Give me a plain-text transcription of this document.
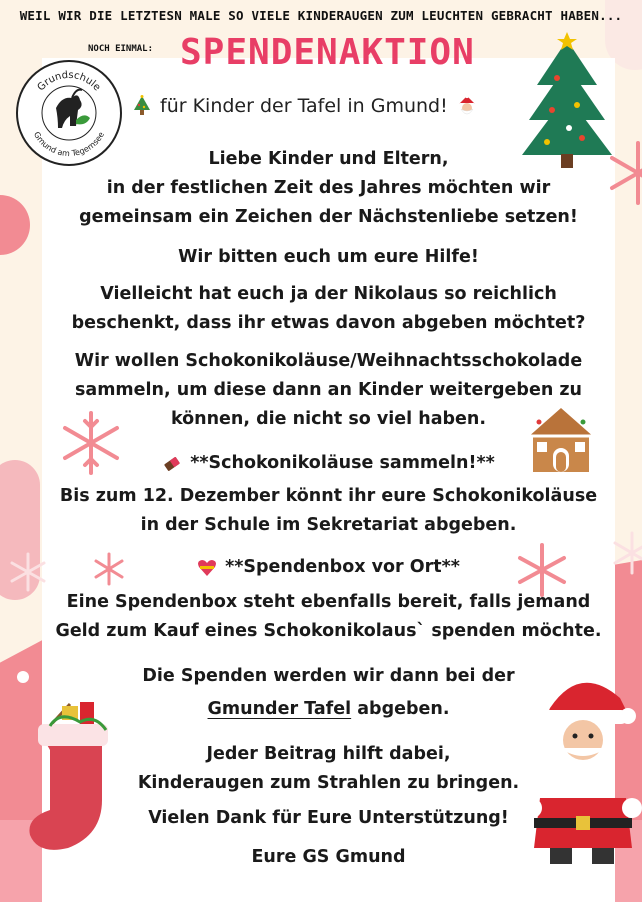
WEIL WIR DIE LETZTESN MALE SO VIELE KINDERAUGEN ZUM LEUCHTEN GEBRACHT HABEN...

NOCH EINMAL: SPENDENAKTION

für Kinder der Tafel in Gmund!
Grundschule
Gmund am Tegernsee
Liebe Kinder und Eltern,
in der festlichen Zeit des Jahres möchten wir
gemeinsam ein Zeichen der Nächstenliebe setzen!
Wir bitten euch um eure Hilfe!
Vielleicht hat euch ja der Nikolaus so reichlich
beschenkt, dass ihr etwas davon abgeben möchtet?
Wir wollen Schokonikoläuse/Weihnachtsschokolade
sammeln, um diese dann an Kinder weitergeben zu
können, die nicht so viel haben.
**Schokonikoläuse sammeln!**
Bis zum 12. Dezember könnt ihr eure Schokonikoläuse
in der Schule im Sekretariat abgeben.
**Spendenbox vor Ort**
Eine Spendenbox steht ebenfalls bereit, falls jemand
Geld zum Kauf eines Schokonikolaus` spenden möchte.
Die Spenden werden wir dann bei der
Gmunder Tafel abgeben.
Jeder Beitrag hilft dabei,
Kinderaugen zum Strahlen zu bringen.
Vielen Dank für Eure Unterstützung!
Eure GS Gmund
